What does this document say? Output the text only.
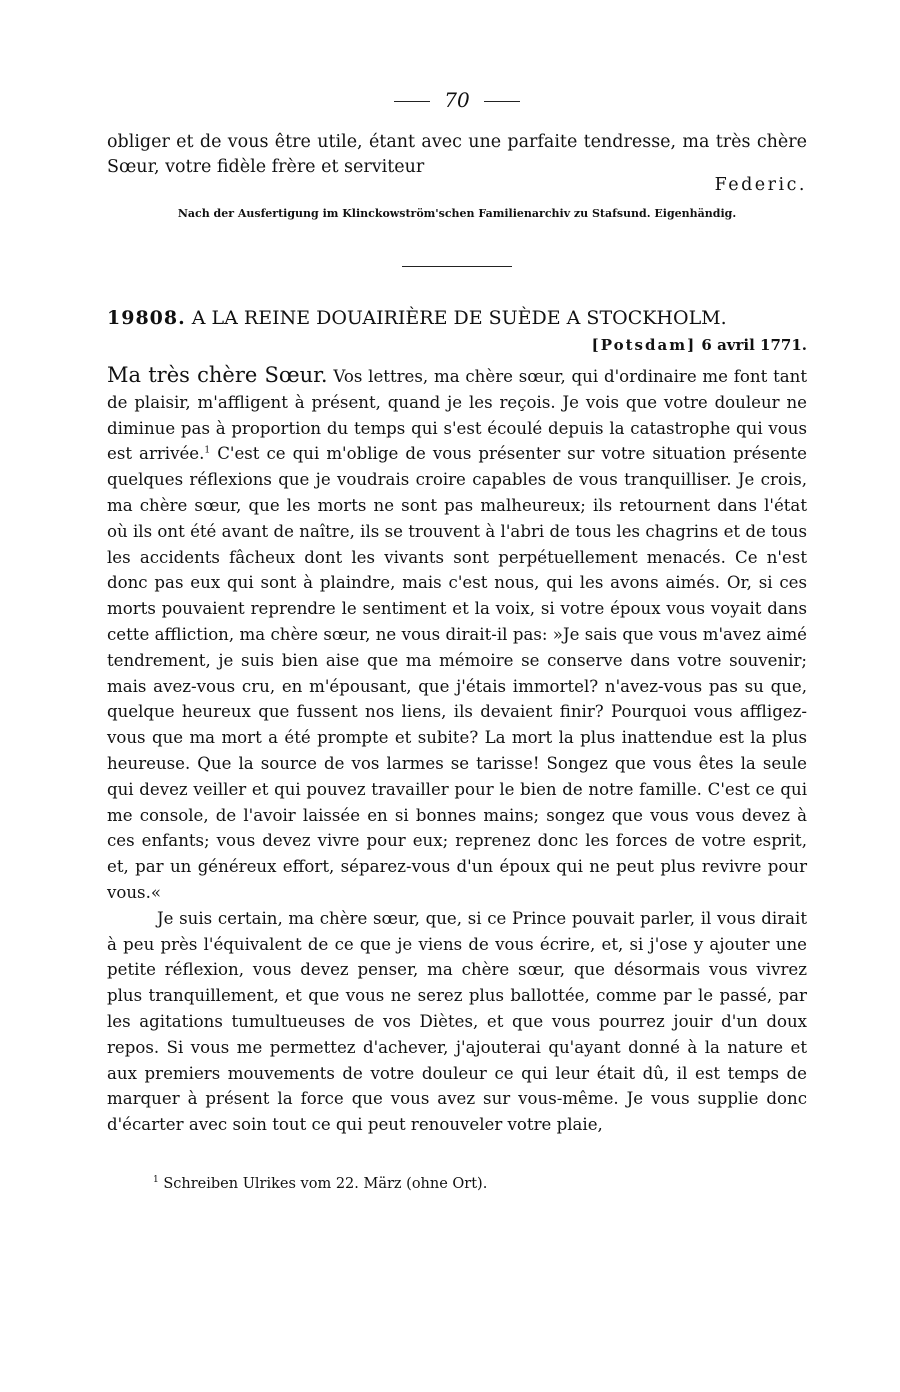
70
obliger et de vous être utile, étant avec une parfaite tendresse, ma très chère Sœur, votre fidèle frère et serviteur
Federic.
Nach der Ausfertigung im Klinckowström'schen Familienarchiv zu Stafsund. Eigenhändig.
19808. A LA REINE DOUAIRIÈRE DE SUÈDE A STOCKHOLM.
[Potsdam] 6 avril 1771.

Ma très chère Sœur. Vos lettres, ma chère sœur, qui d'ordinaire me font tant de plaisir, m'affligent à présent, quand je les reçois. Je vois que votre douleur ne diminue pas à proportion du temps qui s'est écoulé depuis la catastrophe qui vous est arrivée.$^1$ C'est ce qui m'oblige de vous présenter sur votre situation présente quelques réflexions que je voudrais croire capables de vous tranquilliser. Je crois, ma chère sœur, que les morts ne sont pas malheureux; ils retournent dans l'état où ils ont été avant de naître, ils se trouvent à l'abri de tous les chagrins et de tous les accidents fâcheux dont les vivants sont perpétuellement menacés. Ce n'est donc pas eux qui sont à plaindre, mais c'est nous, qui les avons aimés. Or, si ces morts pouvaient reprendre le sentiment et la voix, si votre époux vous voyait dans cette affliction, ma chère sœur, ne vous dirait-il pas: »Je sais que vous m'avez aimé tendrement, je suis bien aise que ma mémoire se conserve dans votre souvenir; mais avez-vous cru, en m'épousant, que j'étais immortel? n'avez-vous pas su que, quelque heureux que fussent nos liens, ils devaient finir? Pourquoi vous affligez-vous que ma mort a été prompte et subite? La mort la plus inattendue est la plus heureuse. Que la source de vos larmes se tarisse! Songez que vous êtes la seule qui devez veiller et qui pouvez travailler pour le bien de notre famille. C'est ce qui me console, de l'avoir laissée en si bonnes mains; songez que vous vous devez à ces enfants; vous devez vivre pour eux; reprenez donc les forces de votre esprit, et, par un généreux effort, séparez-vous d'un époux qui ne peut plus revivre pour vous.«

Je suis certain, ma chère sœur, que, si ce Prince pouvait parler, il vous dirait à peu près l'équivalent de ce que je viens de vous écrire, et, si j'ose y ajouter une petite réflexion, vous devez penser, ma chère sœur, que désormais vous vivrez plus tranquillement, et que vous ne serez plus ballottée, comme par le passé, par les agitations tumultueuses de vos Diètes, et que vous pourrez jouir d'un doux repos. Si vous me permettez d'achever, j'ajouterai qu'ayant donné à la nature et aux premiers mouvements de votre douleur ce qui leur était dû, il est temps de marquer à présent la force que vous avez sur vous-même. Je vous supplie donc d'écarter avec soin tout ce qui peut renouveler votre plaie,

$^1$ Schreiben Ulrikes vom 22. März (ohne Ort).
